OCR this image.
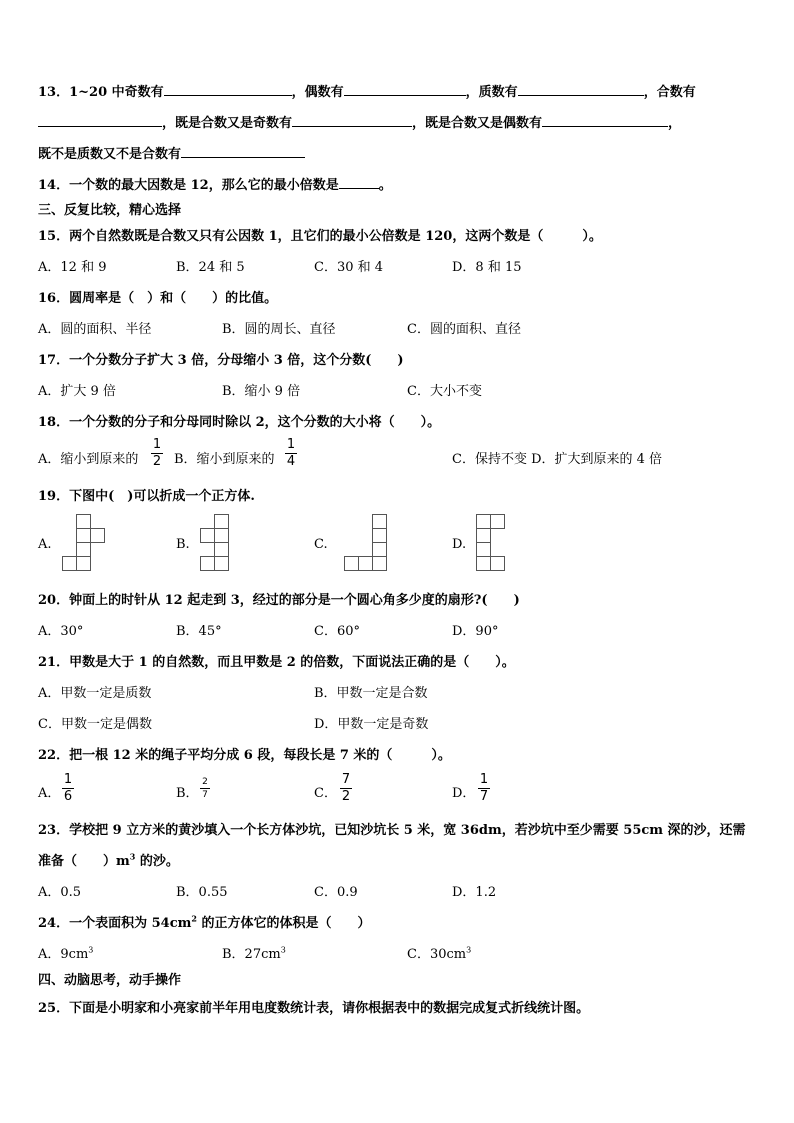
13．1~20 中奇数有	，偶数有	，质数有	，合数有
，既是合数又是奇数有	，既是合数又是偶数有	，
既不是质数又不是合数有
14．一个数的最大因数是 12，那么它的最小倍数是	。
三、反复比较，精心选择
15．两个自然数既是合数又只有公因数 1，且它们的最小公倍数是 120，这两个数是（　　　）。
A．12 和 9	B．24 和 5	C．30 和 4	D．8 和 15
16．圆周率是（　）和（　　）的比值。
A．圆的面积、半径	B．圆的周长、直径	C．圆的面积、直径
17．一个分数分子扩大 3 倍，分母缩小 3 倍，这个分数(　　)
A．扩大 9 倍	B．缩小 9 倍	C．大小不变
18．一个分数的分子和分母同时除以 2，这个分数的大小将（　　）。
A．缩小到原来的
1
2 B．缩小到原来的
1
4	C．保持不变 D．扩大到原来的 4 倍
19．下图中(　)可以折成一个正方体.
A.	B.	C.	D.
20．钟面上的时针从 12 起走到 3，经过的部分是一个圆心角多少度的扇形?(　　)
A．30°	B．45°	C．60°	D．90°
21．甲数是大于 1 的自然数，而且甲数是 2 的倍数，下面说法正确的是（　　）。
A．甲数一定是质数	B．甲数一定是合数
C．甲数一定是偶数	D．甲数一定是奇数
22．把一根 12 米的绳子平均分成 6 段，每段长是 7 米的（　　　）。
A．
1
6	B．
2
7	C．
7
2	D．
1
7
23．学校把 9 立方米的黄沙填入一个长方体沙坑，已知沙坑长 5 米，宽 36dm，若沙坑中至少需要 55cm 深的沙，还需
准备（　　）$m^3$ 的沙。
A．0.5	B．0.55	C．0.9	D．1.2
24．一个表面积为 $54cm^2$ 的正方体它的体积是（　　）
A．$9cm^3$	B．$27cm^3$	C．$30cm^3$
四、动脑思考，动手操作
25．下面是小明家和小亮家前半年用电度数统计表，请你根据表中的数据完成复式折线统计图。
